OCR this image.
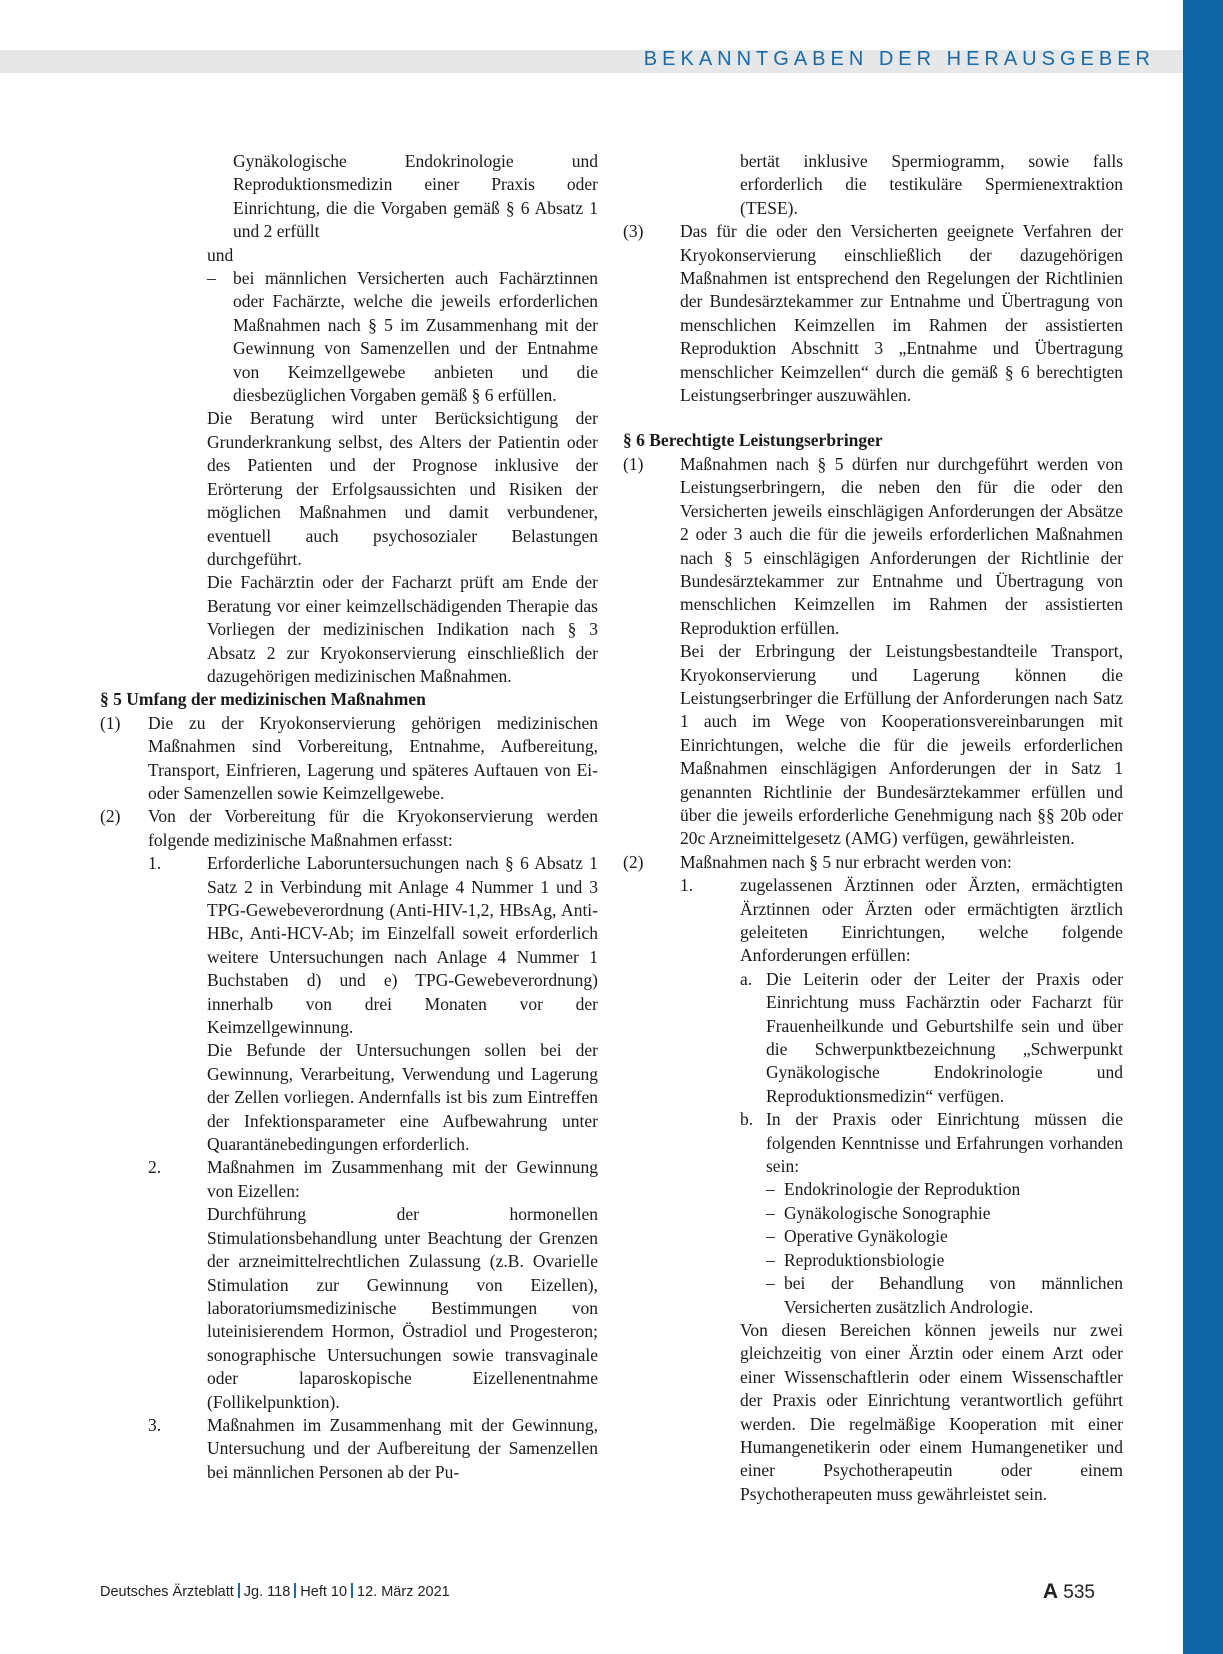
BEKANNTGABEN DER HERAUSGEBER

Gynäkologische Endokrinologie und Reproduktionsmedizin einer Praxis oder Einrichtung, die die Vorgaben gemäß § 6 Absatz 1 und 2 erfüllt

und

– bei männlichen Versicherten auch Fachärztinnen oder Fachärzte, welche die jeweils erforderlichen Maßnahmen nach § 5 im Zusammenhang mit der Gewinnung von Samenzellen und der Entnahme von Keimzellgewebe anbieten und die diesbezüglichen Vorgaben gemäß § 6 erfüllen.

Die Beratung wird unter Berücksichtigung der Grunderkrankung selbst, des Alters der Patientin oder des Patienten und der Prognose inklusive der Erörterung der Erfolgsaussichten und Risiken der möglichen Maßnahmen und damit verbundener, eventuell auch psychosozialer Belastungen durchgeführt.

Die Fachärztin oder der Facharzt prüft am Ende der Beratung vor einer keimzellschädigenden Therapie das Vorliegen der medizinischen Indikation nach § 3 Absatz 2 zur Kryokonservierung einschließlich der dazugehörigen medizinischen Maßnahmen.

§ 5 Umfang der medizinischen Maßnahmen

(1)	Die zu der Kryokonservierung gehörigen medizinischen Maßnahmen sind Vorbereitung, Entnahme, Aufbereitung, Transport, Einfrieren, Lagerung und späteres Auftauen von Ei- oder Samenzellen sowie Keimzellgewebe.

(2)	Von der Vorbereitung für die Kryokonservierung werden folgende medizinische Maßnahmen erfasst:

1.	Erforderliche Laboruntersuchungen nach § 6 Absatz 1 Satz 2 in Verbindung mit Anlage 4 Nummer 1 und 3 TPG-Gewebeverordnung (Anti-HIV-1,2, HBsAg, Anti-HBc, Anti-HCV-Ab; im Einzelfall soweit erforderlich weitere Untersuchungen nach Anlage 4 Nummer 1 Buchstaben d) und e) TPG-Gewebeverordnung) innerhalb von drei Monaten vor der Keimzellgewinnung.

Die Befunde der Untersuchungen sollen bei der Gewinnung, Verarbeitung, Verwendung und Lagerung der Zellen vorliegen. Andernfalls ist bis zum Eintreffen der Infektionsparameter eine Aufbewahrung unter Quarantänebedingungen erforderlich.

2.	Maßnahmen im Zusammenhang mit der Gewinnung von Eizellen:

Durchführung der hormonellen Stimulationsbehandlung unter Beachtung der Grenzen der arzneimittelrechtlichen Zulassung (z.B. Ovarielle Stimulation zur Gewinnung von Eizellen), laboratoriumsmedizinische Bestimmungen von luteinisierendem Hormon, Östradiol und Progesteron; sonographische Untersuchungen sowie transvaginale oder laparoskopische Eizellenentnahme (Follikelpunktion).

3.	Maßnahmen im Zusammenhang mit der Gewinnung, Untersuchung und der Aufbereitung der Samenzellen bei männlichen Personen ab der Pu-

bertät inklusive Spermiogramm, sowie falls erforderlich die testikuläre Spermienextraktion (TESE).

(3)	Das für die oder den Versicherten geeignete Verfahren der Kryokonservierung einschließlich der dazugehörigen Maßnahmen ist entsprechend den Regelungen der Richtlinien der Bundesärztekammer zur Entnahme und Übertragung von menschlichen Keimzellen im Rahmen der assistierten Reproduktion Abschnitt 3 „Entnahme und Übertragung menschlicher Keimzellen“ durch die gemäß § 6 berechtigten Leistungserbringer auszuwählen.

§ 6 Berechtigte Leistungserbringer

(1)	Maßnahmen nach § 5 dürfen nur durchgeführt werden von Leistungserbringern, die neben den für die oder den Versicherten jeweils einschlägigen Anforderungen der Absätze 2 oder 3 auch die für die jeweils erforderlichen Maßnahmen nach § 5 einschlägigen Anforderungen der Richtlinie der Bundesärztekammer zur Entnahme und Übertragung von menschlichen Keimzellen im Rahmen der assistierten Reproduktion erfüllen.

Bei der Erbringung der Leistungsbestandteile Transport, Kryokonservierung und Lagerung können die Leistungserbringer die Erfüllung der Anforderungen nach Satz 1 auch im Wege von Kooperationsvereinbarungen mit Einrichtungen, welche die für die jeweils erforderlichen Maßnahmen einschlägigen Anforderungen der in Satz 1 genannten Richtlinie der Bundesärztekammer erfüllen und über die jeweils erforderliche Genehmigung nach §§ 20b oder 20c Arzneimittelgesetz (AMG) verfügen, gewährleisten.

(2)	Maßnahmen nach § 5 nur erbracht werden von:

1.	zugelassenen Ärztinnen oder Ärzten, ermächtigten Ärztinnen oder Ärzten oder ermächtigten ärztlich geleiteten Einrichtungen, welche folgende Anforderungen erfüllen:

a. Die Leiterin oder der Leiter der Praxis oder Einrichtung muss Fachärztin oder Facharzt für Frauenheilkunde und Geburtshilfe sein und über die Schwerpunktbezeichnung „Schwerpunkt Gynäkologische Endokrinologie und Reproduktionsmedizin“ verfügen.

b. In der Praxis oder Einrichtung müssen die folgenden Kenntnisse und Erfahrungen vorhanden sein:

– Endokrinologie der Reproduktion

– Gynäkologische Sonographie

– Operative Gynäkologie

– Reproduktionsbiologie

– bei der Behandlung von männlichen Versicherten zusätzlich Andrologie.

Von diesen Bereichen können jeweils nur zwei gleichzeitig von einer Ärztin oder einem Arzt oder einer Wissenschaftlerin oder einem Wissenschaftler der Praxis oder Einrichtung verantwortlich geführt werden. Die regelmäßige Kooperation mit einer Humangenetikerin oder einem Humangenetiker und einer Psychotherapeutin oder einem Psychotherapeuten muss gewährleistet sein.

Deutsches Ärzteblatt Jg. 118 Heft 10 12. März 2021	A 535
